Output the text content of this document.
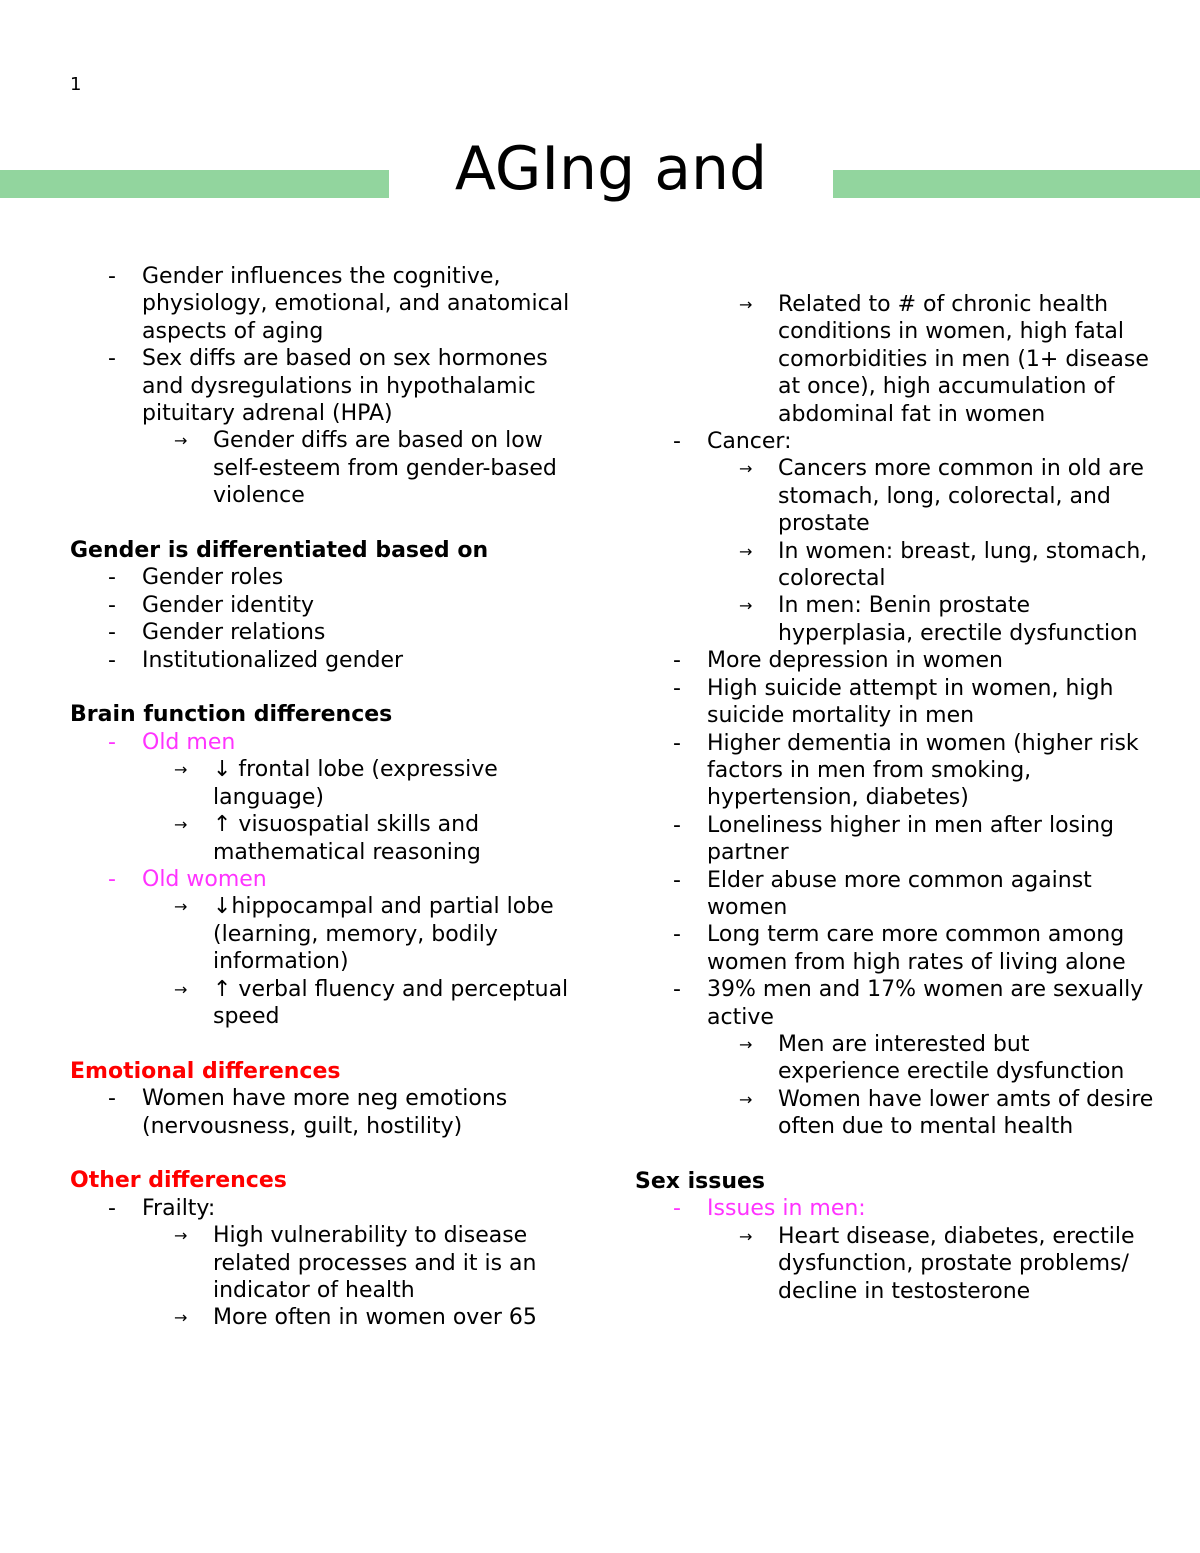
1
AGIng and
- Gender influences the cognitive, physiology, emotional, and anatomical aspects of aging
- Sex diffs are based on sex hormones and dysregulations in hypothalamic pituitary adrenal (HPA)
→ Gender diffs are based on low self-esteem from gender-based violence
Gender is differentiated based on
- Gender roles
- Gender identity
- Gender relations
- Institutionalized gender
Brain function differences
- Old men
→ ↓ frontal lobe (expressive language)
→ ↑ visuospatial skills and mathematical reasoning
- Old women
→ ↓hippocampal and partial lobe (learning, memory, bodily information)
→ ↑ verbal fluency and perceptual speed
Emotional differences
- Women have more neg emotions (nervousness, guilt, hostility)
Other differences
- Frailty:
→ High vulnerability to disease related processes and it is an indicator of health
→ More often in women over 65
→ Related to # of chronic health conditions in women, high fatal comorbidities in men (1+ disease at once), high accumulation of abdominal fat in women
- Cancer:
→ Cancers more common in old are stomach, long, colorectal, and prostate
→ In women: breast, lung, stomach, colorectal
→ In men: Benin prostate hyperplasia, erectile dysfunction
- More depression in women
- High suicide attempt in women, high suicide mortality in men
- Higher dementia in women (higher risk factors in men from smoking, hypertension, diabetes)
- Loneliness higher in men after losing partner
- Elder abuse more common against women
- Long term care more common among women from high rates of living alone
- 39% men and 17% women are sexually active
→ Men are interested but experience erectile dysfunction
→ Women have lower amts of desire often due to mental health
Sex issues
- Issues in men:
→ Heart disease, diabetes, erectile dysfunction, prostate problems/ decline in testosterone
